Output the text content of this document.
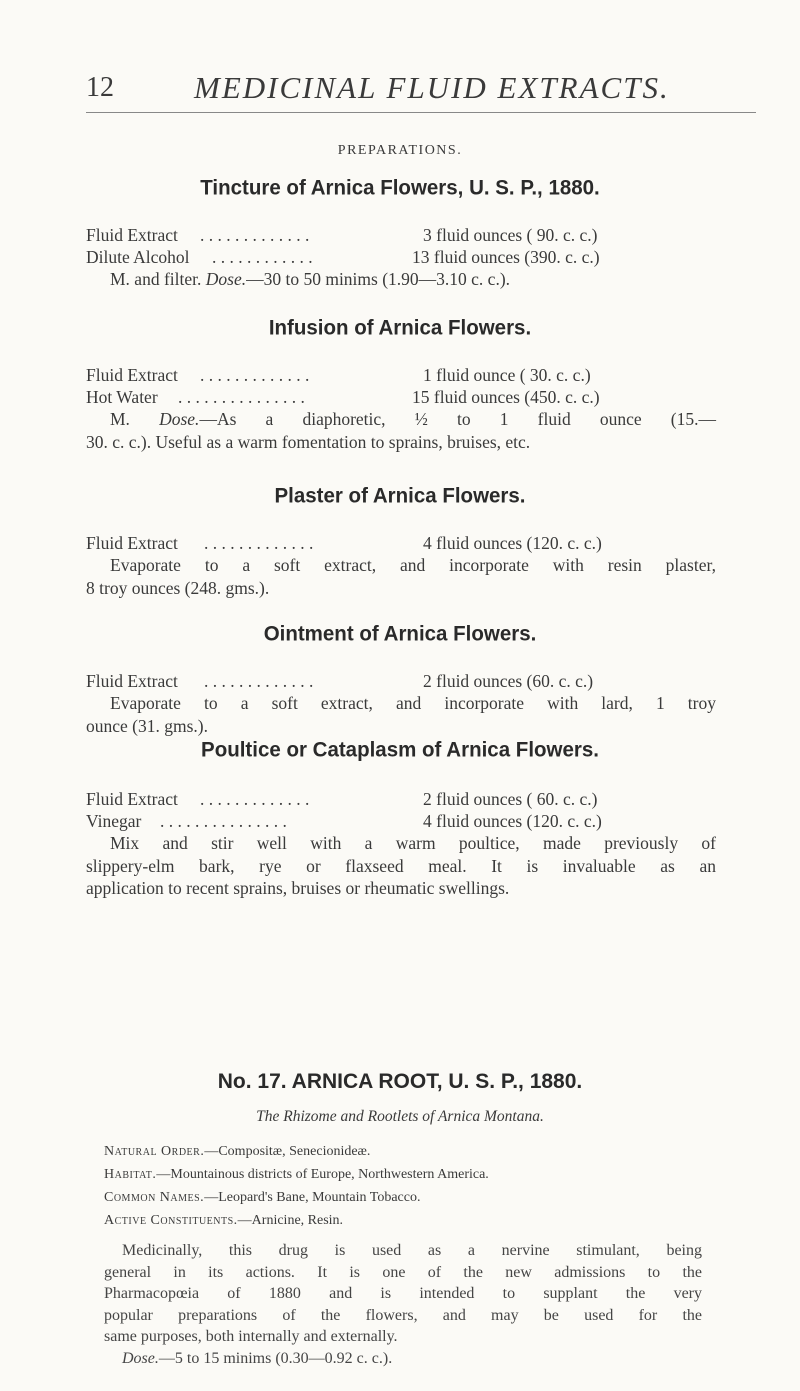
12	MEDICINAL FLUID EXTRACTS.
PREPARATIONS.
Tincture of Arnica Flowers, U. S. P., 1880.
Fluid Extract . . . . . . . . . . . . .	3 fluid ounces ( 90. c. c.)
Dilute Alcohol . . . . . . . . . . . .	13 fluid ounces (390. c. c.)
M. and filter. Dose.—30 to 50 minims (1.90—3.10 c. c.).
Infusion of Arnica Flowers.
Fluid Extract . . . . . . . . . . . . .	1 fluid ounce ( 30. c. c.)
Hot Water . . . . . . . . . . . . . . .	15 fluid ounces (450. c. c.)
M. Dose.—As a diaphoretic, ½ to 1 fluid ounce (15.—
30. c. c.). Useful as a warm fomentation to sprains, bruises, etc.
Plaster of Arnica Flowers.
Fluid Extract . . . . . . . . . . . . .	4 fluid ounces (120. c. c.)
Evaporate to a soft extract, and incorporate with resin plaster,
8 troy ounces (248. gms.).
Ointment of Arnica Flowers.
Fluid Extract . . . . . . . . . . . . .	2 fluid ounces (60. c. c.)
Evaporate to a soft extract, and incorporate with lard, 1 troy
ounce (31. gms.).
Poultice or Cataplasm of Arnica Flowers.
No. 17. ARNICA ROOT, U. S. P., 1880.
The Rhizome and Rootlets of Arnica Montana.
Fluid Extract . . . . . . . . . . . . .	2 fluid ounces ( 60. c. c.)
Vinegar . . . . . . . . . . . . . . .	4 fluid ounces (120. c. c.)
Mix and stir well with a warm poultice, made previously of
slippery-elm bark, rye or flaxseed meal. It is invaluable as an
application to recent sprains, bruises or rheumatic swellings.
Natural Order.—Compositæ, Senecionideæ.
Habitat.—Mountainous districts of Europe, Northwestern America.
Common Names.—Leopard's Bane, Mountain Tobacco.
Active Constituents.—Arnicine, Resin.
Medicinally, this drug is used as a nervine stimulant, being
general in its actions. It is one of the new admissions to the
Pharmacopœia of 1880 and is intended to supplant the very
popular preparations of the flowers, and may be used for the
same purposes, both internally and externally.
Dose.—5 to 15 minims (0.30—0.92 c. c.).
